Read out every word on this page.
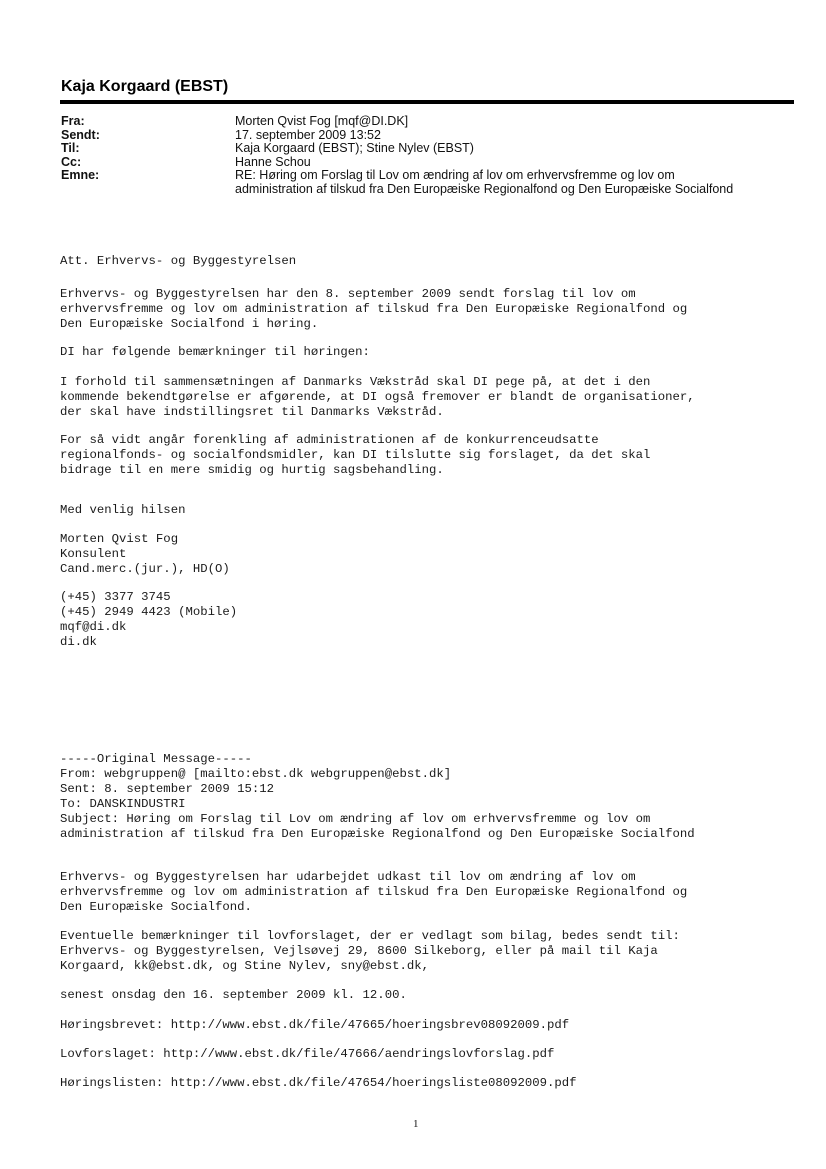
Kaja Korgaard (EBST)
Fra:	Morten Qvist Fog [mqf@DI.DK]
Sendt:	17. september 2009 13:52
Til:	Kaja Korgaard (EBST); Stine Nylev (EBST)
Cc:	Hanne Schou
Emne:	RE: Høring om Forslag til Lov om ændring af lov om erhvervsfremme og lov om administration af tilskud fra Den Europæiske Regionalfond og Den Europæiske Socialfond
Att. Erhvervs- og Byggestyrelsen
Erhvervs- og Byggestyrelsen har den 8. september 2009 sendt forslag til lov om
erhvervsfremme og lov om administration af tilskud fra Den Europæiske Regionalfond og
Den Europæiske Socialfond i høring.
DI har følgende bemærkninger til høringen:
I forhold til sammensætningen af Danmarks Vækstråd skal DI pege på, at det i den
kommende bekendtgørelse er afgørende, at DI også fremover er blandt de organisationer,
der skal have indstillingsret til Danmarks Vækstråd.
For så vidt angår forenkling af administrationen af de konkurrenceudsatte
regionalfonds- og socialfondsmidler, kan DI tilslutte sig forslaget, da det skal
bidrage til en mere smidig og hurtig sagsbehandling.
Med venlig hilsen
Morten Qvist Fog
Konsulent
Cand.merc.(jur.), HD(O)
(+45) 3377 3745
(+45) 2949 4423 (Mobile)
mqf@di.dk
di.dk
-----Original Message-----
From: webgruppen@ [mailto:ebst.dk webgruppen@ebst.dk]
Sent: 8. september 2009 15:12
To: DANSKINDUSTRI
Subject: Høring om Forslag til Lov om ændring af lov om erhvervsfremme og lov om
administration af tilskud fra Den Europæiske Regionalfond og Den Europæiske Socialfond
Erhvervs- og Byggestyrelsen har udarbejdet udkast til lov om ændring af lov om
erhvervsfremme og lov om administration af tilskud fra Den Europæiske Regionalfond og
Den Europæiske Socialfond.
Eventuelle bemærkninger til lovforslaget, der er vedlagt som bilag, bedes sendt til:
Erhvervs- og Byggestyrelsen, Vejlsøvej 29, 8600 Silkeborg, eller på mail til Kaja
Korgaard, kk@ebst.dk, og Stine Nylev, sny@ebst.dk,
senest onsdag den 16. september 2009 kl. 12.00.
Høringsbrevet: http://www.ebst.dk/file/47665/hoeringsbrev08092009.pdf
Lovforslaget: http://www.ebst.dk/file/47666/aendringslovforslag.pdf
Høringslisten: http://www.ebst.dk/file/47654/hoeringsliste08092009.pdf
1
